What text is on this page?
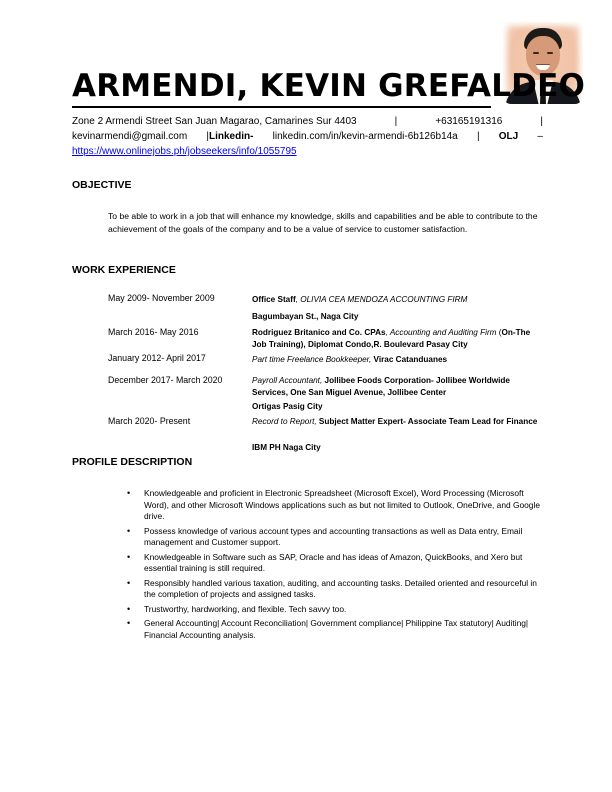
ARMENDI, KEVIN GREFALDEO
Zone 2 Armendi Street San Juan Magarao, Camarines Sur 4403	|	+63165191316	|
kevinarmendi@gmail.com |Linkedin- linkedin.com/in/kevin-armendi-6b126b14a | OLJ –
https://www.onlinejobs.ph/jobseekers/info/1055795
OBJECTIVE

To be able to work in a job that will enhance my knowledge, skills and capabilities and be able to contribute to the achievement of the goals of the company and to be a value of service to customer satisfaction.

WORK EXPERIENCE
May 2009- November 2009	Office Staff, OLIVIA CEA MENDOZA ACCOUNTING FIRM
Bagumbayan St., Naga City
March 2016- May 2016	Rodriguez Britanico and Co. CPAs, Accounting and Auditing Firm (On-The Job Training), Diplomat Condo,R. Boulevard Pasay City
January 2012- April 2017	Part time Freelance Bookkeeper, Virac Catanduanes
December 2017- March 2020	Payroll Accountant, Jollibee Foods Corporation- Jollibee Worldwide Services, One San Miguel Avenue, Jollibee Center
Ortigas Pasig City
March 2020- Present	Record to Report, Subject Matter Expert- Associate Team Lead for Finance
IBM PH Naga City
PROFILE DESCRIPTION
• Knowledgeable and proficient in Electronic Spreadsheet (Microsoft Excel), Word Processing (Microsoft Word), and other Microsoft Windows applications such as but not limited to Outlook, OneDrive, and Google drive.
• Possess knowledge of various account types and accounting transactions as well as Data entry, Email management and Customer support.
• Knowledgeable in Software such as SAP, Oracle and has ideas of Amazon, QuickBooks, and Xero but essential training is still required.
• Responsibly handled various taxation, auditing, and accounting tasks. Detailed oriented and resourceful in the completion of projects and assigned tasks.
• Trustworthy, hardworking, and flexible. Tech savvy too.
• General Accounting| Account Reconciliation| Government compliance| Philippine Tax statutory| Auditing| Financial Accounting analysis.
